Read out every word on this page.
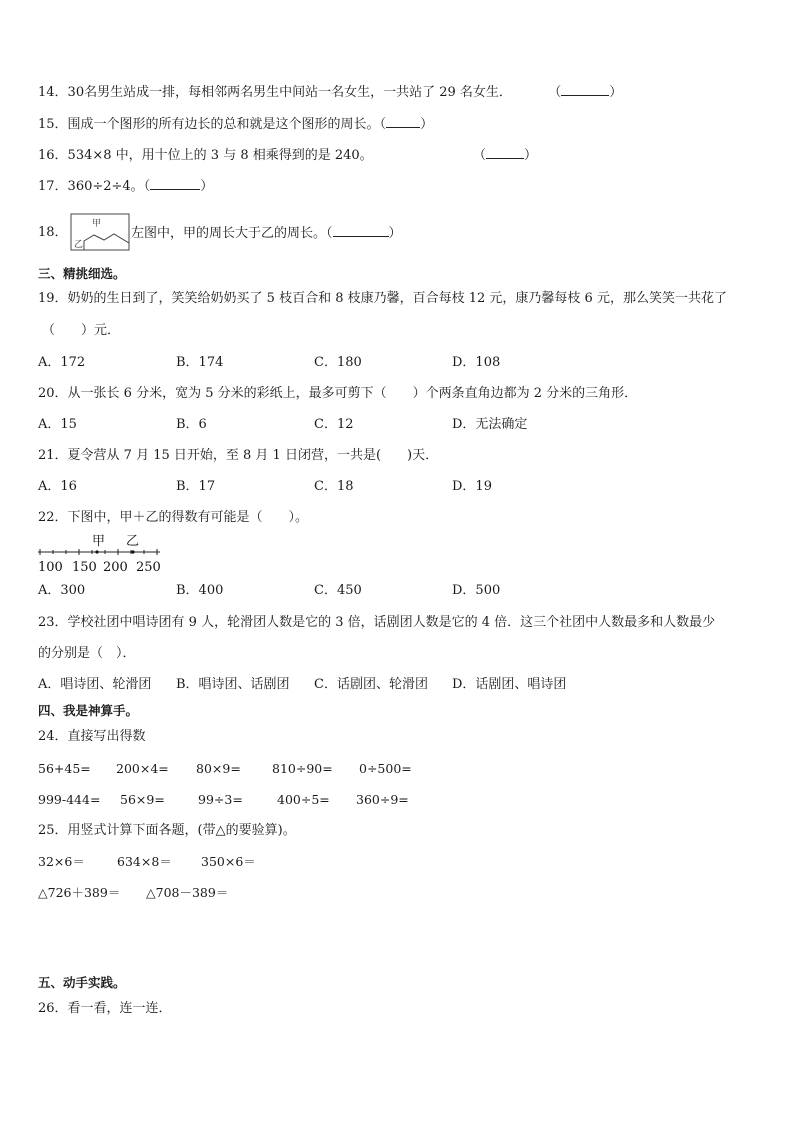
14．30名男生站成一排，每相邻两名男生中间站一名女生，一共站了 29 名女生．	（	）
15．围成一个图形的所有边长的总和就是这个图形的周长。（	）
16．534×8 中，用十位上的 3 与 8 相乘得到的是 240。	（	）
17．360÷2÷4。（	）
18．
甲
乙
左图中，甲的周长大于乙的周长。（	）
三、精挑细选。
19．奶奶的生日到了，笑笑给奶奶买了 5 枝百合和 8 枝康乃馨，百合每枝 12 元，康乃馨每枝 6 元，那么笑笑一共花了
（　　）元．
A．172	B．174	C．180	D．108
20．从一张长 6 分米，宽为 5 分米的彩纸上，最多可剪下（　　）个两条直角边都为 2 分米的三角形．
A．15	B．6	C．12	D．无法确定
21．夏令营从 7 月 15 日开始，至 8 月 1 日闭营，一共是(　　)天．
A．16	B．17	C．18	D．19
22．下图中，甲＋乙的得数有可能是（　　）。
甲 乙
100 150 200 250
A．300	B．400	C．450	D．500
23．学校社团中唱诗团有 9 人，轮滑团人数是它的 3 倍，话剧团人数是它的 4 倍．这三个社团中人数最多和人数最少
的分别是（　）．
A．唱诗团、轮滑团 B．唱诗团、话剧团 C．话剧团、轮滑团 D．话剧团、唱诗团
四、我是神算手。
24．直接写出得数
56+45= 200×4= 80×9= 810÷90= 0÷500=
999-444= 56×9=	99÷3=	400÷5= 360÷9=
25．用竖式计算下面各题，(带△的要验算)。
32×6＝	634×8＝ 350×6＝
△726＋389＝ △708－389＝
五、动手实践。
26．看一看，连一连．
